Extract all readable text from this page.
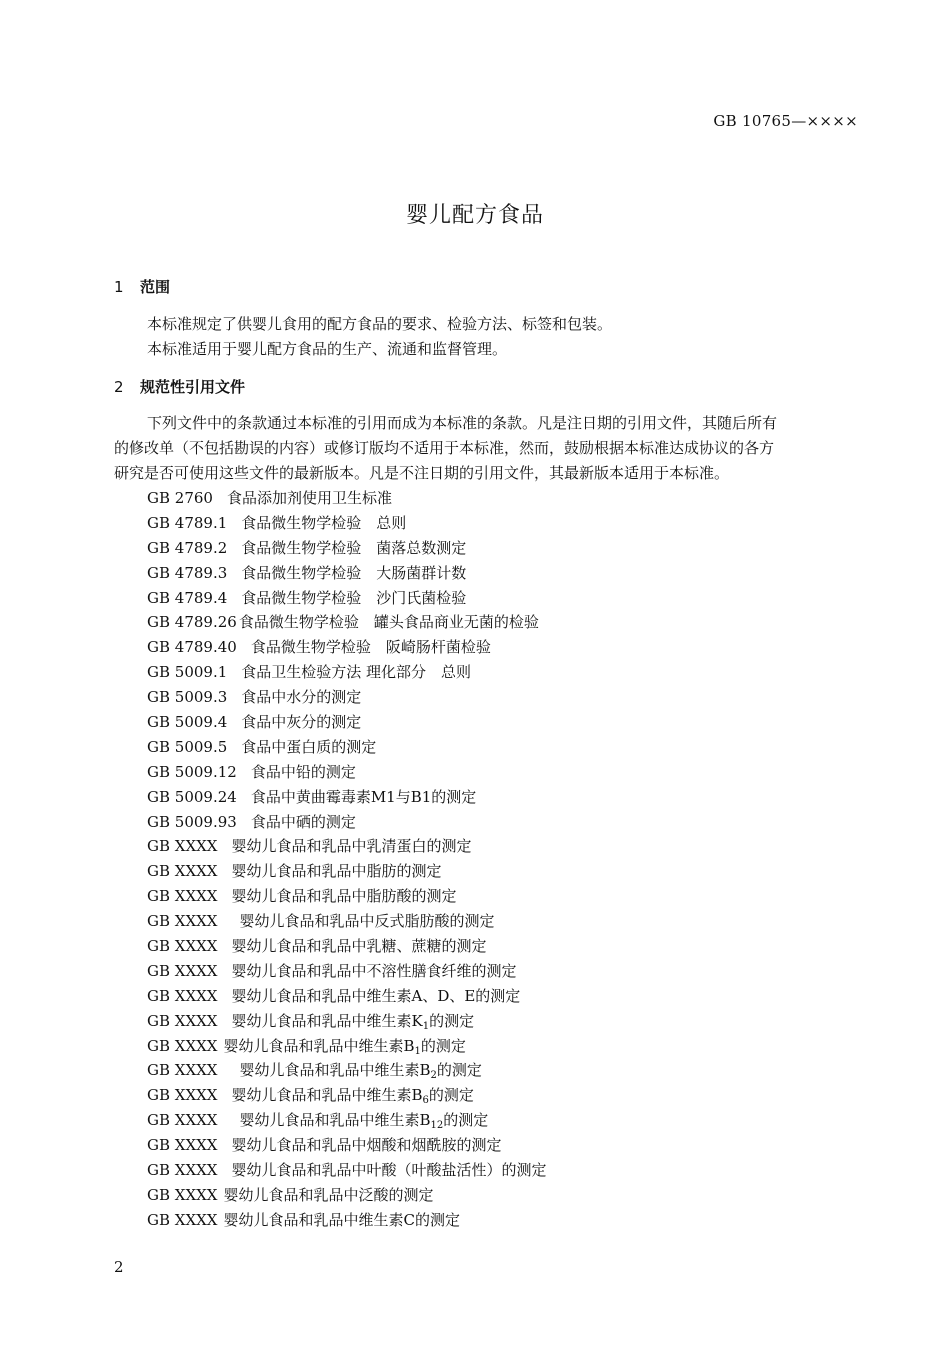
GB 10765—××××
婴儿配方食品
1 范围
本标准规定了供婴儿食用的配方食品的要求、检验方法、标签和包装。
本标准适用于婴儿配方食品的生产、流通和监督管理。
2 规范性引用文件
下列文件中的条款通过本标准的引用而成为本标准的条款。凡是注日期的引用文件，其随后所有
的修改单（不包括勘误的内容）或修订版均不适用于本标准，然而，鼓励根据本标准达成协议的各方
研究是否可使用这些文件的最新版本。凡是不注日期的引用文件，其最新版本适用于本标准。
GB 2760 食品添加剂使用卫生标准
GB 4789.1 食品微生物学检验　总则
GB 4789.2 食品微生物学检验　菌落总数测定
GB 4789.3 食品微生物学检验　大肠菌群计数
GB 4789.4 食品微生物学检验　沙门氏菌检验
GB 4789.26 食品微生物学检验　罐头食品商业无菌的检验
GB 4789.40 食品微生物学检验　阪崎肠杆菌检验
GB 5009.1 食品卫生检验方法 理化部分　总则
GB 5009.3 食品中水分的测定
GB 5009.4 食品中灰分的测定
GB 5009.5 食品中蛋白质的测定
GB 5009.12 食品中铅的测定
GB 5009.24 食品中黄曲霉毒素M1与B1的测定
GB 5009.93 食品中硒的测定
GB XXXX 婴幼儿食品和乳品中乳清蛋白的测定
GB XXXX 婴幼儿食品和乳品中脂肪的测定
GB XXXX 婴幼儿食品和乳品中脂肪酸的测定
GB XXXX 婴幼儿食品和乳品中反式脂肪酸的测定
GB XXXX 婴幼儿食品和乳品中乳糖、蔗糖的测定
GB XXXX 婴幼儿食品和乳品中不溶性膳食纤维的测定
GB XXXX 婴幼儿食品和乳品中维生素A、D、E的测定
GB XXXX 婴幼儿食品和乳品中维生素$K_1$的测定
GB XXXX 婴幼儿食品和乳品中维生素$B_1$的测定
GB XXXX 婴幼儿食品和乳品中维生素$B_2$的测定
GB XXXX 婴幼儿食品和乳品中维生素$B_6$的测定
GB XXXX 婴幼儿食品和乳品中维生素$B_{12}$的测定
GB XXXX 婴幼儿食品和乳品中烟酸和烟酰胺的测定
GB XXXX 婴幼儿食品和乳品中叶酸（叶酸盐活性）的测定
GB XXXX 婴幼儿食品和乳品中泛酸的测定
GB XXXX 婴幼儿食品和乳品中维生素C的测定
2
